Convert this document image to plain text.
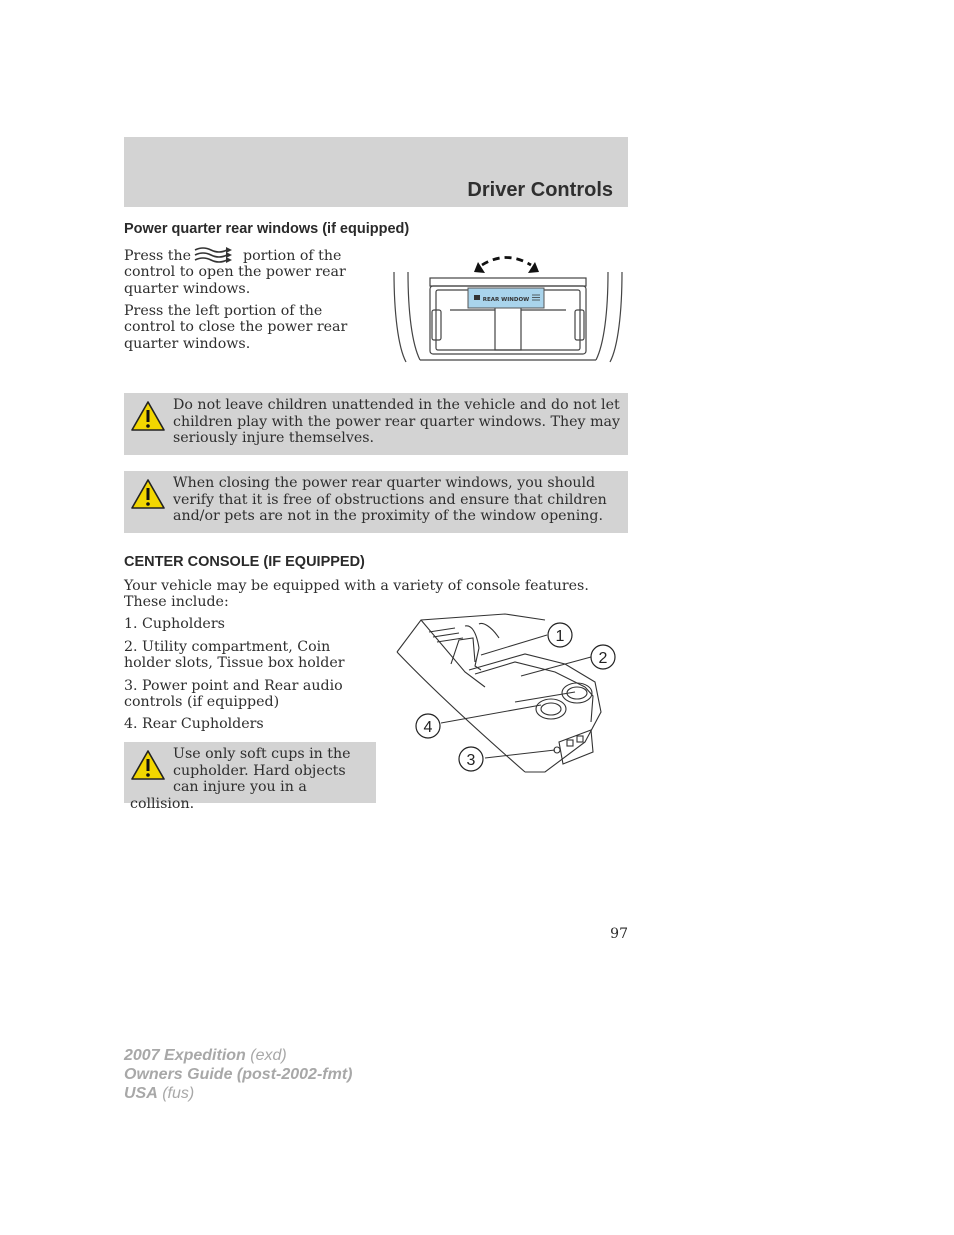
Driver Controls
Power quarter rear windows (if equipped)

Press the	portion of the control to open the power rear quarter windows.

Press the left portion of the control to close the power rear quarter windows.

REAR WINDOW

Do not leave children unattended in the vehicle and do not let children play with the power rear quarter windows. They may seriously injure themselves.

When closing the power rear quarter windows, you should verify that it is free of obstructions and ensure that children and/or pets are not in the proximity of the window opening.

CENTER CONSOLE (IF EQUIPPED)

Your vehicle may be equipped with a variety of console features. These include:

1. Cupholders

2. Utility compartment, Coin holder slots, Tissue box holder

3. Power point and Rear audio controls (if equipped)

4. Rear Cupholders

1
2
4
3

Use only soft cups in the cupholder. Hard objects can injure you in a collision.

97
2007 Expedition (exd)
Owners Guide (post-2002-fmt)
USA (fus)
